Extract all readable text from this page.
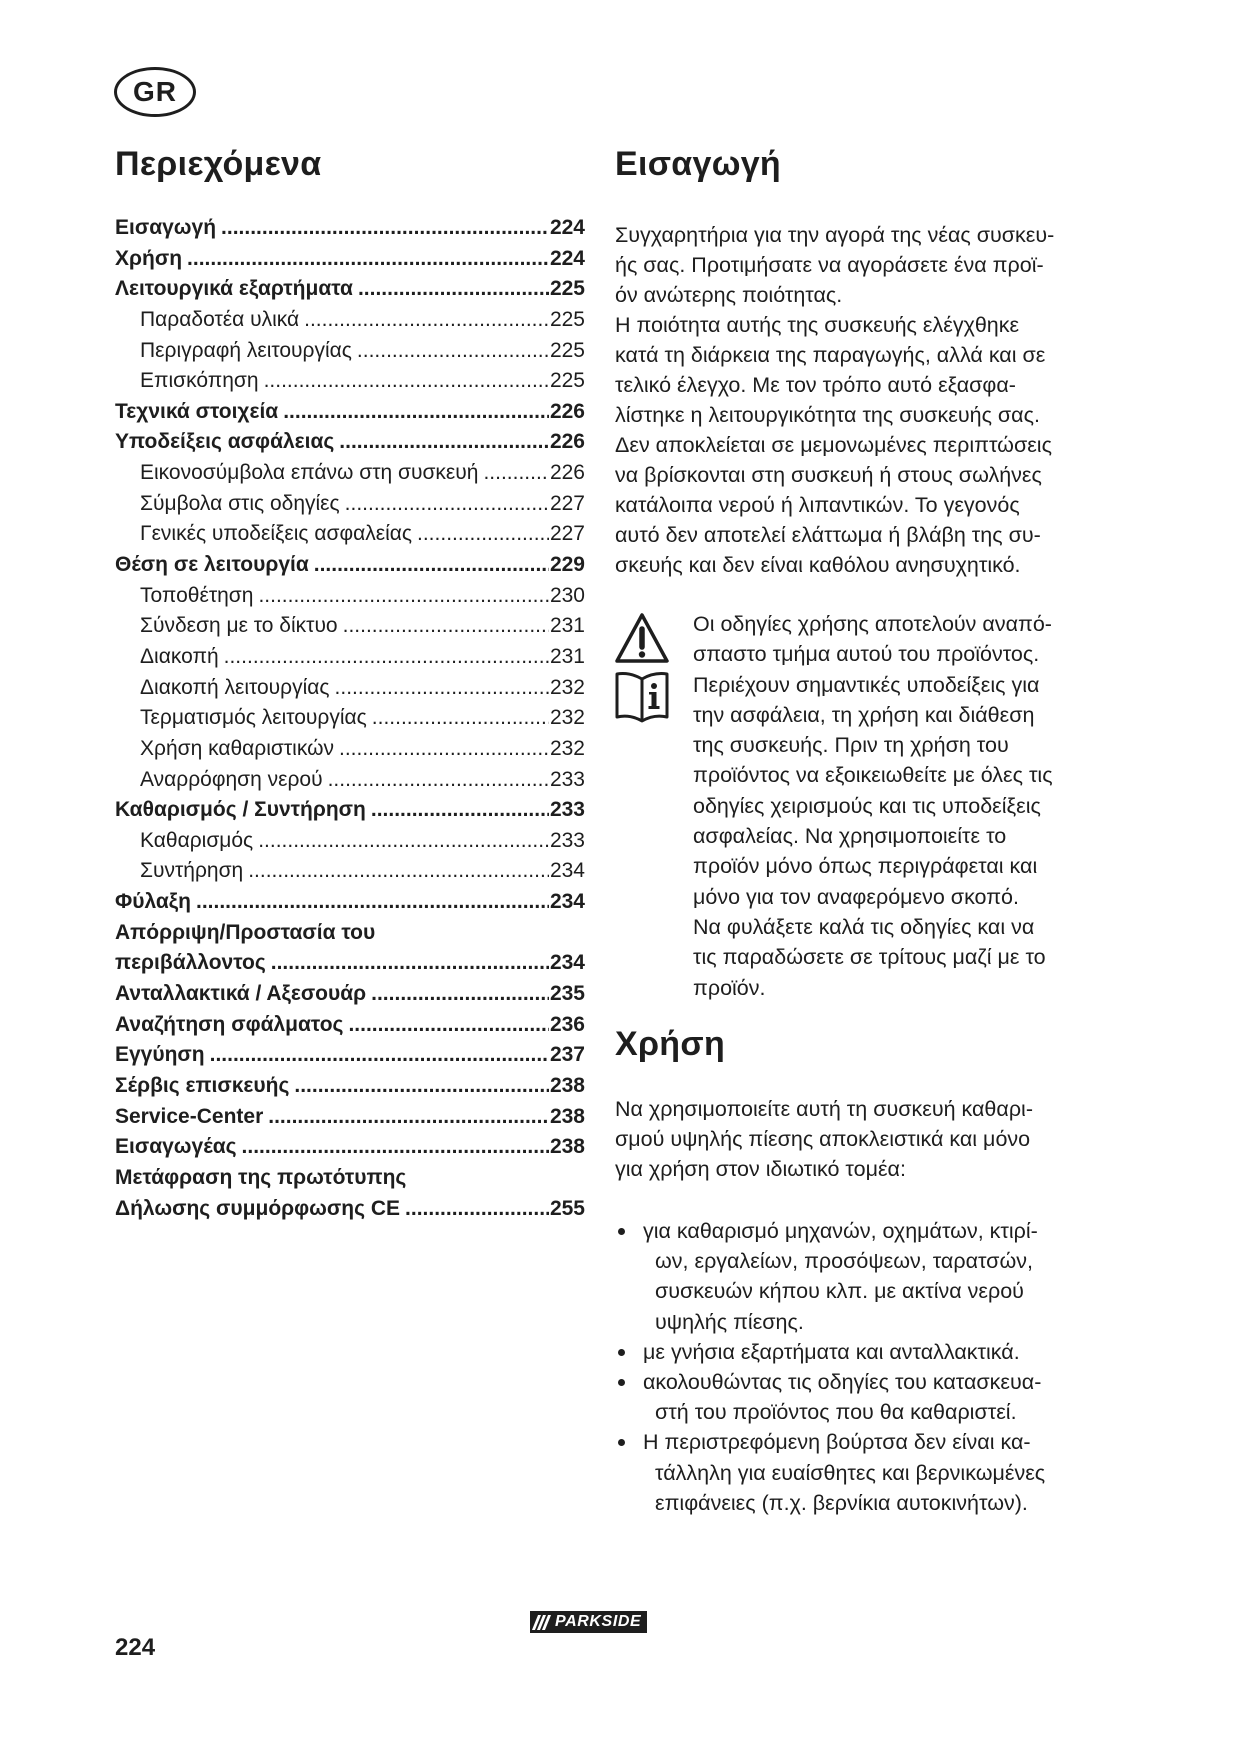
GR
Περιεχόμενα
Εισαγωγή .....	224
Χρήση .....	224
Λειτουργικά εξαρτήματα .....	225
Παραδοτέα υλικά .....	225
Περιγραφή λειτουργίας .....	225
Επισκόπηση .....	225
Τεχνικά στοιχεία .....	226
Υποδείξεις ασφάλειας .....	226
Εικονοσύμβολα επάνω στη συσκευή .....	226
Σύμβολα στις οδηγίες .....	227
Γενικές υποδείξεις ασφαλείας .....	227
Θέση σε λειτουργία .....	229
Τοποθέτηση .....	230
Σύνδεση με το δίκτυο .....	231
Διακοπή .....	231
Διακοπή λειτουργίας .....	232
Τερματισμός λειτουργίας .....	232
Χρήση καθαριστικών .....	232
Αναρρόφηση νερού .....	233
Καθαρισμός / Συντήρηση .....	233
Καθαρισμός .....	233
Συντήρηση .....	234
Φύλαξη .....	234
Απόρριψη/Προστασία του
περιβάλλοντος .....	234
Ανταλλακτικά / Αξεσουάρ .....	235
Αναζήτηση σφάλματος .....	236
Εγγύηση .....	237
Σέρβις επισκευής .....	238
Service-Center .....	238
Εισαγωγέας .....	238
Μετάφραση της πρωτότυπης
Δήλωσης συμμόρφωσης CE .....	255
Εισαγωγή
Συγχαρητήρια για την αγορά της νέας συσκευ-
ής σας. Προτιμήσατε να αγοράσετε ένα προϊ-
όν ανώτερης ποιότητας.
Η ποιότητα αυτής της συσκευής ελέγχθηκε
κατά τη διάρκεια της παραγωγής, αλλά και σε
τελικό έλεγχο. Με τον τρόπο αυτό εξασφα-
λίστηκε η λειτουργικότητα της συσκευής σας.
Δεν αποκλείεται σε μεμονωμένες περιπτώσεις
να βρίσκονται στη συσκευή ή στους σωλήνες
κατάλοιπα νερού ή λιπαντικών. Το γεγονός
αυτό δεν αποτελεί ελάττωμα ή βλάβη της συ-
σκευής και δεν είναι καθόλου ανησυχητικό.
Οι οδηγίες χρήσης αποτελούν αναπό-
σπαστο τμήμα αυτού του προϊόντος.
Περιέχουν σημαντικές υποδείξεις για
την ασφάλεια, τη χρήση και διάθεση
της συσκευής. Πριν τη χρήση του
προϊόντος να εξοικειωθείτε με όλες τις
οδηγίες χειρισμούς και τις υποδείξεις
ασφαλείας. Να χρησιμοποιείτε το
προϊόν μόνο όπως περιγράφεται και
μόνο για τον αναφερόμενο σκοπό.
Να φυλάξετε καλά τις οδηγίες και να
τις παραδώσετε σε τρίτους μαζί με το
προϊόν.
Χρήση
Να χρησιμοποιείτε αυτή τη συσκευή καθαρι-
σμού υψηλής πίεσης αποκλειστικά και μόνο
για χρήση στον ιδιωτικό τομέα:
για καθαρισμό μηχανών, οχημάτων, κτιρί-
ων, εργαλείων, προσόψεων, ταρατσών,
συσκευών κήπου κλπ. με ακτίνα νερού
υψηλής πίεσης.
με γνήσια εξαρτήματα και ανταλλακτικά.
ακολουθώντας τις οδηγίες του κατασκευα-
στή του προϊόντος που θα καθαριστεί.
Η περιστρεφόμενη βούρτσα δεν είναι κα-
τάλληλη για ευαίσθητες και βερνικωμένες
επιφάνειες (π.χ. βερνίκια αυτοκινήτων).
PARKSIDE
224
